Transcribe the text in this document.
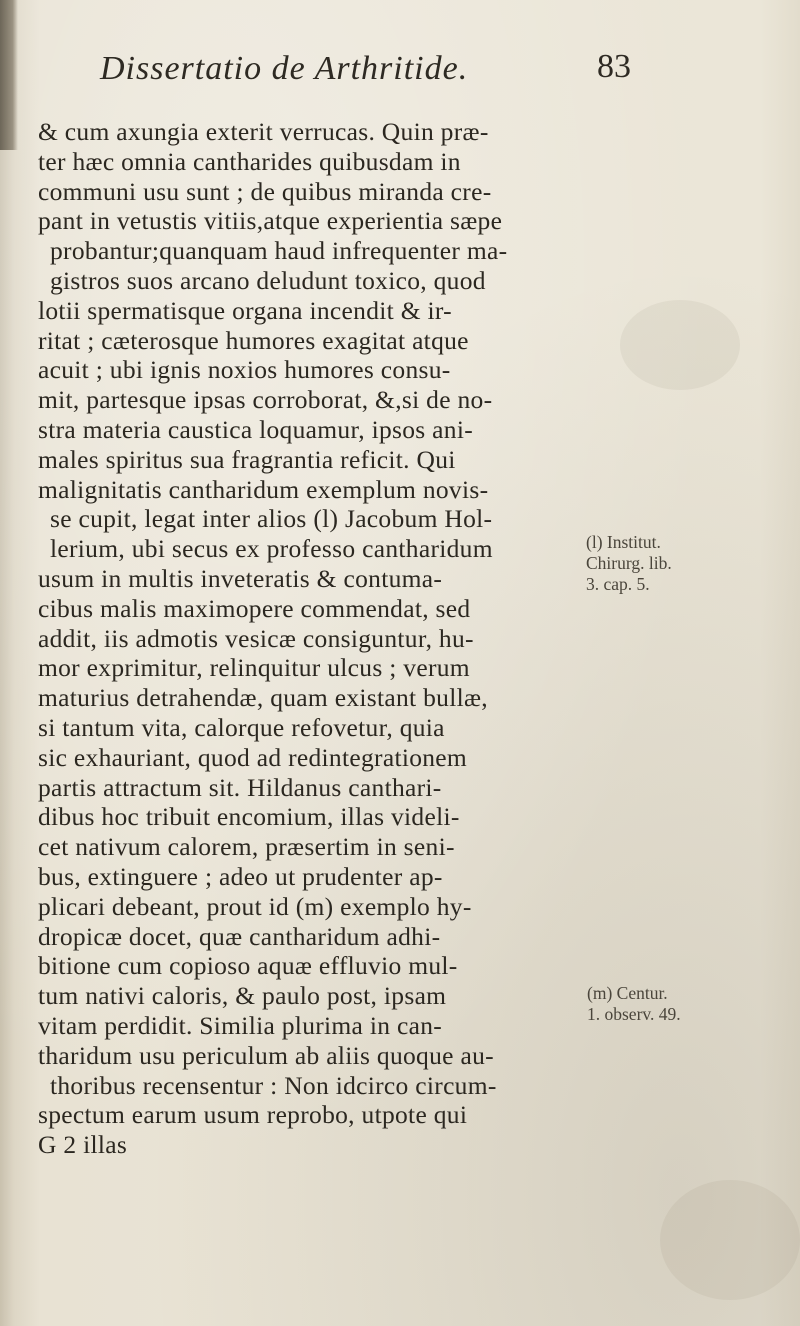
Dissertatio de Arthritide.	83
& cum axungia exterit verrucas. Quin præ-
ter hæc omnia cantharides quibusdam in
communi usu sunt ; de quibus miranda cre-
pant in vetustis vitiis,atque experientia sæpe
probantur;quanquam haud infrequenter ma-
gistros suos arcano deludunt toxico, quod
lotii spermatisque organa incendit & ir-
ritat ; cæterosque humores exagitat atque
acuit ; ubi ignis noxios humores consu-
mit, partesque ipsas corroborat, &,si de no-
stra materia caustica loquamur, ipsos ani-
males spiritus sua fragrantia reficit. Qui
malignitatis cantharidum exemplum novis-
se cupit, legat inter alios (l) Jacobum Hol-
lerium, ubi secus ex professo cantharidum
usum in multis inveteratis & contuma-
cibus malis maximopere commendat, sed
addit, iis admotis vesicæ consiguntur, hu-
mor exprimitur, relinquitur ulcus ; verum
maturius detrahendæ, quam existant bullæ,
si tantum vita, calorque refovetur, quia
sic exhauriant, quod ad redintegrationem
partis attractum sit. Hildanus canthari-
dibus hoc tribuit encomium, illas videli-
cet nativum calorem, præsertim in seni-
bus, extinguere ; adeo ut prudenter ap-
plicari debeant, prout id (m) exemplo hy-
dropicæ docet, quæ cantharidum adhi-
bitione cum copioso aquæ effluvio mul-
tum nativi caloris, & paulo post, ipsam
vitam perdidit. Similia plurima in can-
tharidum usu periculum ab aliis quoque au-
thoribus recensentur : Non idcirco circum-
spectum earum usum reprobo, utpote qui
G 2 illas
(l) Institut.
Chirurg. lib.
3. cap. 5.
(m) Centur.
1. observ. 49.
